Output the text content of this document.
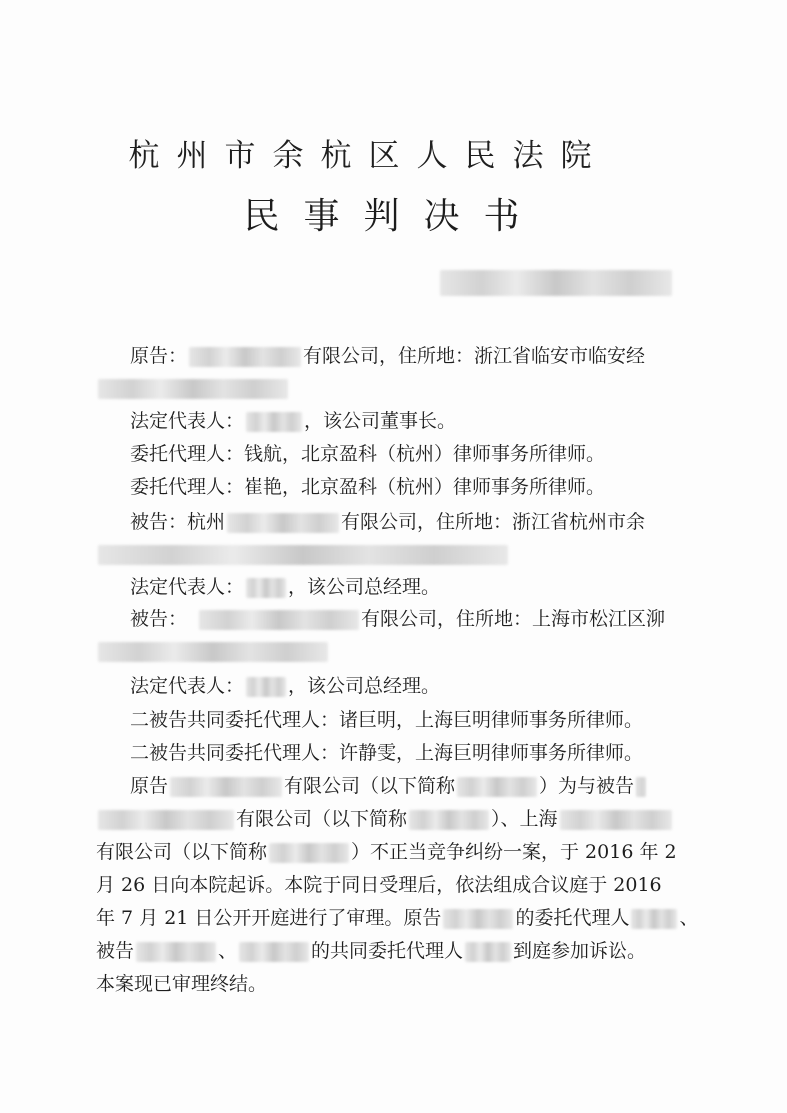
杭州市余杭区人民法院
民事判决书

原告：	有限公司，住所地：浙江省临安市临安经

法定代表人：	，该公司董事长。

委托代理人：钱航，北京盈科（杭州）律师事务所律师。

委托代理人：崔艳，北京盈科（杭州）律师事务所律师。

被告：杭州	有限公司，住所地：浙江省杭州市余

法定代表人： ，该公司总经理。

被告：	有限公司，住所地：上海市松江区泖

法定代表人： ，该公司总经理。

二被告共同委托代理人：诸巨明，上海巨明律师事务所律师。

二被告共同委托代理人：许静雯，上海巨明律师事务所律师。

原告	有限公司（以下简称	）为与被告

有限公司（以下简称	）、上海

有限公司（以下简称	）不正当竞争纠纷一案，于 2016 年 2

月 26 日向本院起诉。本院于同日受理后，依法组成合议庭于 2016

年 7 月 21 日公开开庭进行了审理。原告	的委托代理人	、

被告	、	的共同委托代理人	到庭参加诉讼。

本案现已审理终结。
